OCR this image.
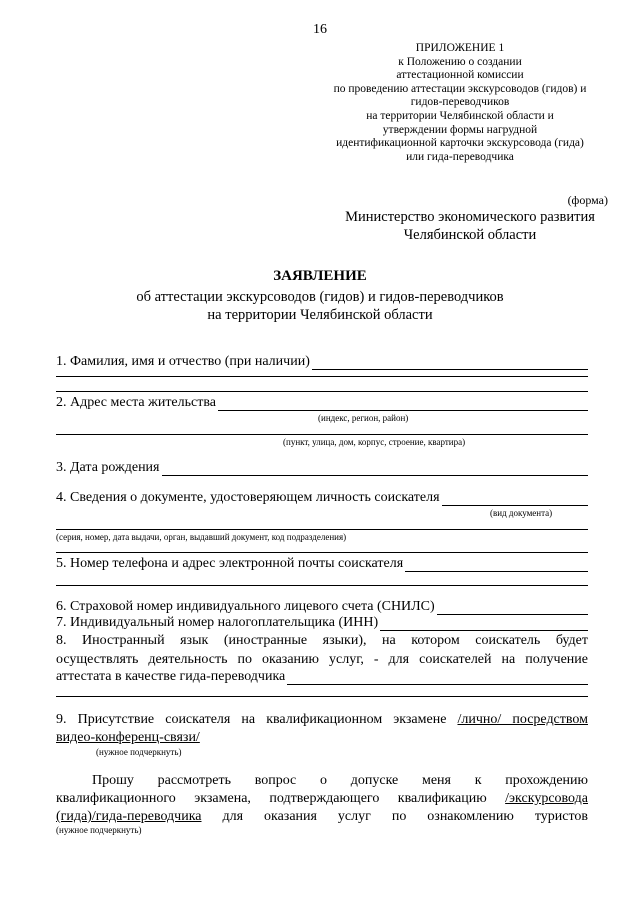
16
ПРИЛОЖЕНИЕ 1
к Положению о создании
аттестационной комиссии
по проведению аттестации экскурсоводов (гидов) и
гидов-переводчиков
на территории Челябинской области и
утверждении формы нагрудной
идентификационной карточки экскурсовода (гида)
или гида-переводчика
(форма)
Министерство экономического развития
Челябинской области
ЗАЯВЛЕНИЕ
об аттестации экскурсоводов (гидов) и гидов-переводчиков
на территории Челябинской области
1. Фамилия, имя и отчество (при наличии)
2. Адрес места жительства
(индекс, регион, район)
(пункт, улица, дом, корпус, строение, квартира)
3. Дата рождения
4. Сведения о документе, удостоверяющем личность соискателя
(вид документа)
(серия, номер, дата выдачи, орган, выдавший документ, код подразделения)
5. Номер телефона и адрес электронной почты соискателя
6. Страховой номер индивидуального лицевого счета (СНИЛС)
7. Индивидуальный номер налогоплательщика (ИНН)
8. Иностранный язык (иностранные языки), на котором соискатель будет
осуществлять деятельность по оказанию услуг, - для соискателей на получение
аттестата в качестве гида-переводчика
9. Присутствие соискателя на квалификационном экзамене /лично/ посредством
видео-конференц-связи/
(нужное подчеркнуть)
Прошу рассмотреть вопрос о допуске меня к прохождению
квалификационного экзамена, подтверждающего квалификацию /экскурсовода
(гида)/гида-переводчика для оказания услуг по ознакомлению туристов
(нужное подчеркнуть)
